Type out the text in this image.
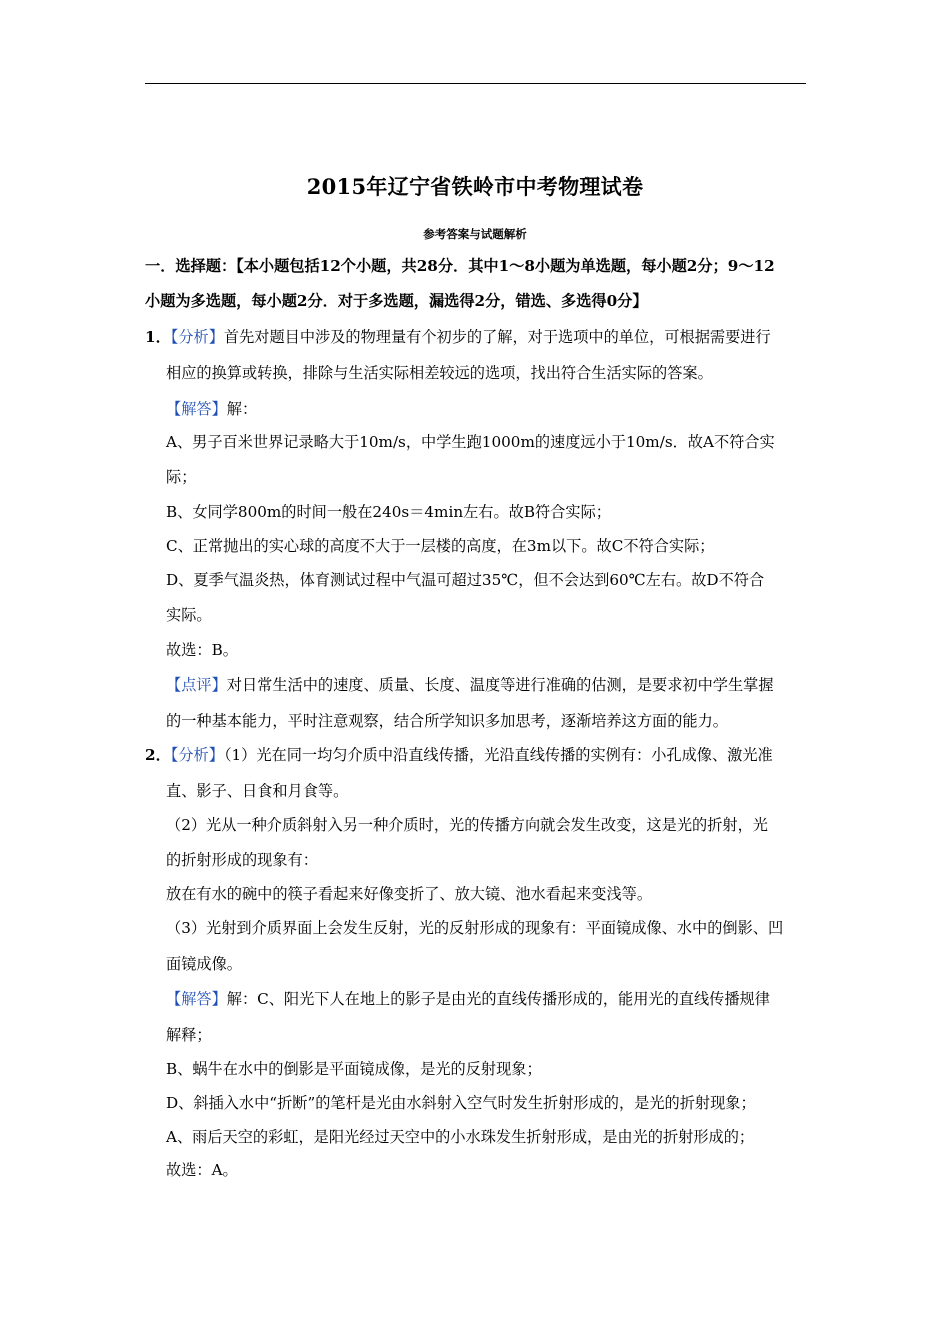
2015年辽宁省铁岭市中考物理试卷
参考答案与试题解析
一．选择题：【本小题包括12个小题，共28分．其中1～8小题为单选题，每小题2分；9～12
小题为多选题，每小题2分．对于多选题，漏选得2分，错选、多选得0分】
1．【分析】首先对题目中涉及的物理量有个初步的了解，对于选项中的单位，可根据需要进行
相应的换算或转换，排除与生活实际相差较远的选项，找出符合生活实际的答案。
【解答】解：
A、男子百米世界记录略大于10m/s，中学生跑1000m的速度远小于10m/s．故A不符合实
际；
B、女同学800m的时间一般在240s＝4min左右。故B符合实际；
C、正常抛出的实心球的高度不大于一层楼的高度，在3m以下。故C不符合实际；
D、夏季气温炎热，体育测试过程中气温可超过35℃，但不会达到60℃左右。故D不符合
实际。
故选：B。
【点评】对日常生活中的速度、质量、长度、温度等进行准确的估测，是要求初中学生掌握
的一种基本能力，平时注意观察，结合所学知识多加思考，逐渐培养这方面的能力。
2．【分析】（1）光在同一均匀介质中沿直线传播，光沿直线传播的实例有：小孔成像、激光准
直、影子、日食和月食等。
（2）光从一种介质斜射入另一种介质时，光的传播方向就会发生改变，这是光的折射，光
的折射形成的现象有：
放在有水的碗中的筷子看起来好像变折了、放大镜、池水看起来变浅等。
（3）光射到介质界面上会发生反射，光的反射形成的现象有：平面镜成像、水中的倒影、凹
面镜成像。
【解答】解：C、阳光下人在地上的影子是由光的直线传播形成的，能用光的直线传播规律
解释；
B、蜗牛在水中的倒影是平面镜成像，是光的反射现象；
D、斜插入水中“折断”的笔杆是光由水斜射入空气时发生折射形成的，是光的折射现象；
A、雨后天空的彩虹，是阳光经过天空中的小水珠发生折射形成，是由光的折射形成的；
故选：A。
